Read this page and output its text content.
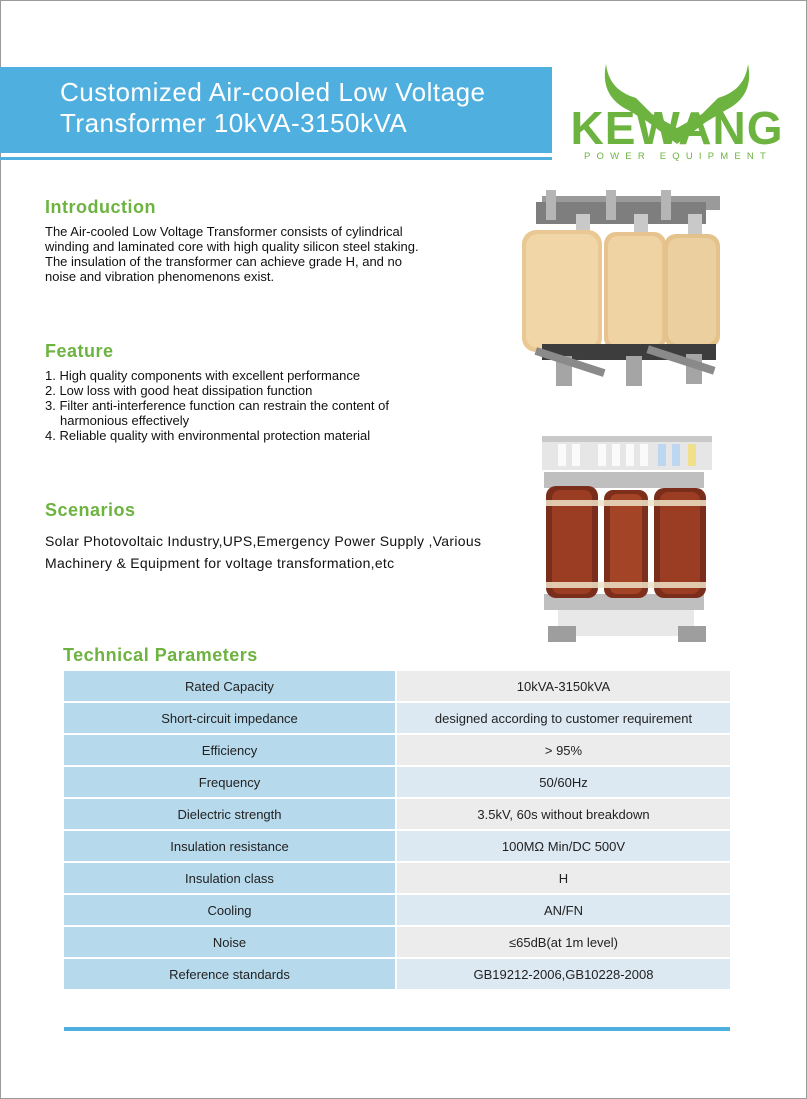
Customized Air-cooled Low Voltage
Transformer 10kVA-3150kVA	KEWANG
POWER EQUIPMENT
Introduction
The Air-cooled Low Voltage Transformer consists of cylindrical
winding and laminated core with high quality silicon steel staking.
The insulation of the transformer can achieve grade H, and no
noise and vibration phenomenons exist.
Feature
1. High quality components with excellent performance
2. Low loss with good heat dissipation function
3. Filter anti-interference function can restrain the content of
harmonious effectively
4. Reliable quality with environmental protection material
Scenarios
Solar Photovoltaic Industry,UPS,Emergency Power Supply ,Various
Machinery & Equipment for voltage transformation,etc
Technical Parameters
Rated Capacity	10kVA-3150kVA
Short-circuit impedance	designed according to customer requirement
Efficiency	> 95%
Frequency	50/60Hz
Dielectric strength	3.5kV, 60s without breakdown
Insulation resistance	100MΩ Min/DC 500V
Insulation class	H
Cooling	AN/FN
Noise	≤65dB(at 1m level)
Reference standards	GB19212-2006,GB10228-2008
